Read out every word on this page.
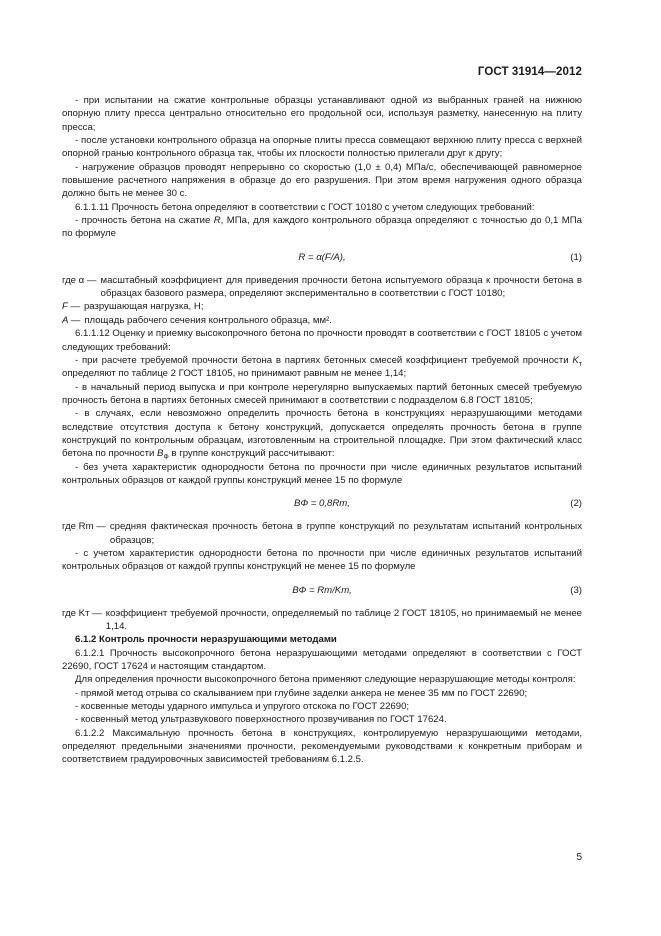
ГОСТ 31914—2012

- при испытании на сжатие контрольные образцы устанавливают одной из выбранных граней на нижнюю опорную плиту пресса центрально относительно его продольной оси, используя разметку, нанесенную на плиту пресса;

- после установки контрольного образца на опорные плиты пресса совмещают верхнюю плиту пресса с верхней опорной гранью контрольного образца так, чтобы их плоскости полностью прилегали друг к другу;

- нагружение образцов проводят непрерывно со скоростью (1,0 ± 0,4) МПа/с, обеспечивающей равномерное повышение расчетного напряжения в образце до его разрушения. При этом время нагружения одного образца должно быть не менее 30 с.

6.1.1.11 Прочность бетона определяют в соответствии с ГОСТ 10180 с учетом следующих требований:

- прочность бетона на сжатие R, МПа, для каждого контрольного образца определяют с точностью до 0,1 МПа по формуле

R = α(F/A),	(1)
где α — масштабный коэффициент для приведения прочности бетона испытуемого образца к прочности бетона в образцах базового размера, определяют экспериментально в соответствии с ГОСТ 10180;
F — разрушающая нагрузка, Н;
A — площадь рабочего сечения контрольного образца, мм².

6.1.1.12 Оценку и приемку высокопрочного бетона по прочности проводят в соответствии с ГОСТ 18105 с учетом следующих требований:

- при расчете требуемой прочности бетона в партиях бетонных смесей коэффициент требуемой прочности $K_т$ определяют по таблице 2 ГОСТ 18105, но принимают равным не менее 1,14;

- в начальный период выпуска и при контроле нерегулярно выпускаемых партий бетонных смесей требуемую прочность бетона в партиях бетонных смесей принимают в соответствии с подразделом 6.8 ГОСТ 18105;

- в случаях, если невозможно определить прочность бетона в конструкциях неразрушающими методами вследствие отсутствия доступа к бетону конструкций, допускается определять прочность бетона в группе конструкций по контрольным образцам, изготовленным на строительной площадке. При этом фактический класс бетона по прочности $B_Ф$ в группе конструкций рассчитывают:

- без учета характеристик однородности бетона по прочности при числе единичных результатов испытаний контрольных образцов от каждой группы конструкций менее 15 по формуле

BФ = 0,8Rm,	(2)
где Rm — средняя фактическая прочность бетона в группе конструкций по результатам испытаний контрольных образцов;

- с учетом характеристик однородности бетона по прочности при числе единичных результатов испытаний контрольных образцов от каждой группы конструкций не менее 15 по формуле

BФ = Rm/Kт,	(3)
где Kт — коэффициент требуемой прочности, определяемый по таблице 2 ГОСТ 18105, но принимаемый не менее 1,14.

6.1.2 Контроль прочности неразрушающими методами

6.1.2.1 Прочность высокопрочного бетона неразрушающими методами определяют в соответствии с ГОСТ 22690, ГОСТ 17624 и настоящим стандартом.

Для определения прочности высокопрочного бетона применяют следующие неразрушающие методы контроля:

- прямой метод отрыва со скалыванием при глубине заделки анкера не менее 35 мм по ГОСТ 22690;

- косвенные методы ударного импульса и упругого отскока по ГОСТ 22690;

- косвенный метод ультразвукового поверхностного прозвучивания по ГОСТ 17624.

6.1.2.2 Максимальную прочность бетона в конструкциях, контролируемую неразрушающими методами, определяют предельными значениями прочности, рекомендуемыми руководствами к конкретным приборам и соответствием градуировочных зависимостей требованиям 6.1.2.5.

5
